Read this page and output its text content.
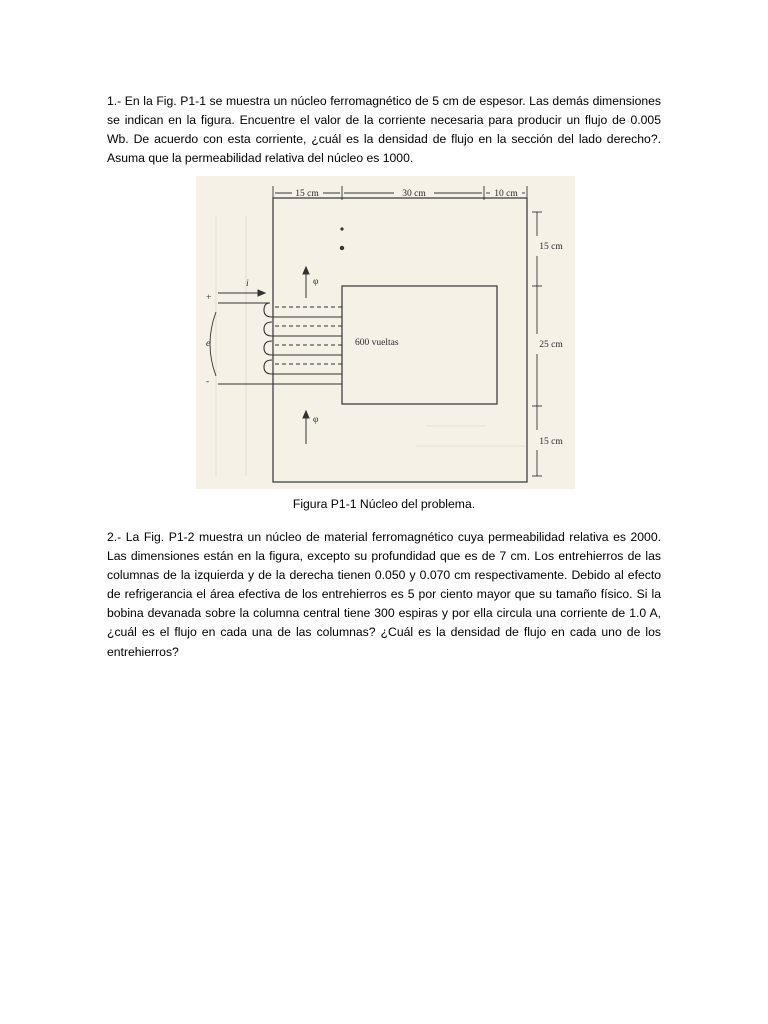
1.- En la Fig. P1-1 se muestra un núcleo ferromagnético de 5 cm de espesor. Las demás dimensiones se indican en la figura. Encuentre el valor de la corriente necesaria para producir un flujo de 0.005 Wb. De acuerdo con esta corriente, ¿cuál es la densidad de flujo en la sección del lado derecho?. Asuma que la permeabilidad relativa del núcleo es 1000.

15 cm	30 cm	10 cm
15 cm
25 cm
15 cm
φ
φ
i
+
-
e	600 vueltas

Figura P1-1 Núcleo del problema.

2.- La Fig. P1-2 muestra un núcleo de material ferromagnético cuya permeabilidad relativa es 2000. Las dimensiones están en la figura, excepto su profundidad que es de 7 cm. Los entrehierros de las columnas de la izquierda y de la derecha tienen 0.050 y 0.070 cm respectivamente. Debido al efecto de refrigerancia el área efectiva de los entrehierros es 5 por ciento mayor que su tamaño físico. Si la bobina devanada sobre la columna central tiene 300 espiras y por ella circula una corriente de 1.0 A, ¿cuál es el flujo en cada una de las columnas? ¿Cuál es la densidad de flujo en cada uno de los entrehierros?
